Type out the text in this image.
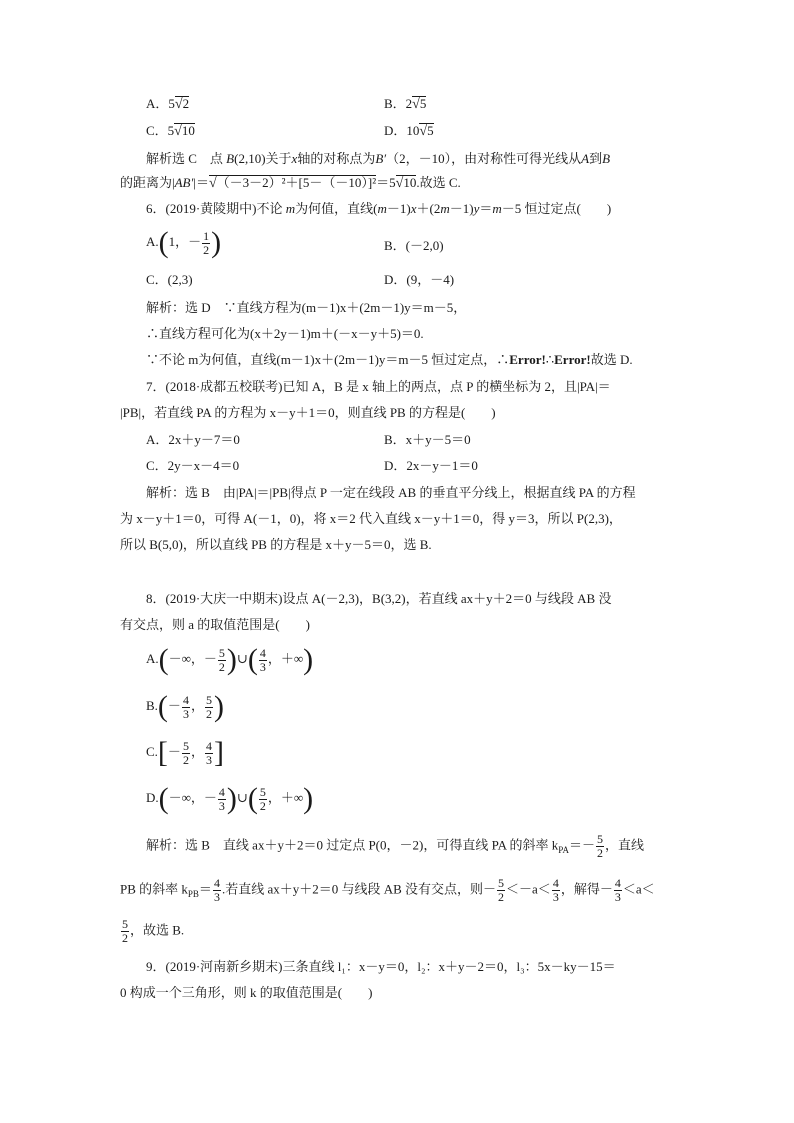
A．5√2	B．2√5
C．5√10	D．10√5
解析选 C　点 B(2,10)关于x轴的对称点为B′（2，－10），由对称性可得光线从A到B
的距离为|AB′|＝√（－3－2）²＋[5－（－10）]²＝5√10.故选 C.
6．(2019·黄陵期中)不论 m为何值，直线(m－1)x＋(2m－1)y＝m－5 恒过定点(　　)
A.(1，－ $\frac{1}{2}$ )	B．(－2,0)
C．(2,3)	D．(9，－4)
解析：选 D　∵直线方程为(m－1)x＋(2m－1)y＝m－5，
∴直线方程可化为(x＋2y－1)m＋(－x－y＋5)＝0.
∵不论 m为何值，直线(m－1)x＋(2m－1)y＝m－5 恒过定点，∴Error!∴Error!故选 D.
7．(2018·成都五校联考)已知 A，B 是 x 轴上的两点，点 P 的横坐标为 2，且|PA|＝
|PB|，若直线 PA 的方程为 x－y＋1＝0，则直线 PB 的方程是(　　)
A．2x＋y－7＝0	B．x＋y－5＝0
C．2y－x－4＝0	D．2x－y－1＝0
解析：选 B　由|PA|＝|PB|得点 P 一定在线段 AB 的垂直平分线上，根据直线 PA 的方程
为 x－y＋1＝0，可得 A(－1，0)，将 x＝2 代入直线 x－y＋1＝0，得 y＝3，所以 P(2,3)，
所以 B(5,0)，所以直线 PB 的方程是 x＋y－5＝0，选 B.
8．(2019·大庆一中期末)设点 A(－2,3)，B(3,2)，若直线 ax＋y＋2＝0 与线段 AB 没
有交点，则 a 的取值范围是(　　)
A.(－∞，－ $\frac{5}{2}$ )∪( $\frac{4}{3}$ ，＋∞)
$B.(- \frac{4}{3}$ ， $\frac{5}{2}$ )
$C.[- \frac{5}{2}$ ， $\frac{4}{3}$ ]
D.(－∞，－ $\frac{4}{3}$ )∪( $\frac{5}{2}$ ，＋∞)
解析：选 B　直线 ax＋y＋2＝0 过定点 P(0，－2)，可得直线 PA 的斜率 $k_{PA}=- \frac{5}{2}$ ，直线
PB 的斜率 $k_{PB}= \frac{4}{3}$ .若直线 ax＋y＋2＝0 与线段 AB 没有交点，则－ $\frac{5}{2} <-a< \frac{4}{3}$ ，解得－ $\frac{4}{3} <a<$
$\frac{5}{2}$ ，故选 B.
9．(2019·河南新乡期末)三条直线 l₁：x－y＝0，l₂：x＋y－2＝0，l₃：5x－ky－15＝
0 构成一个三角形，则 k 的取值范围是(　　)
